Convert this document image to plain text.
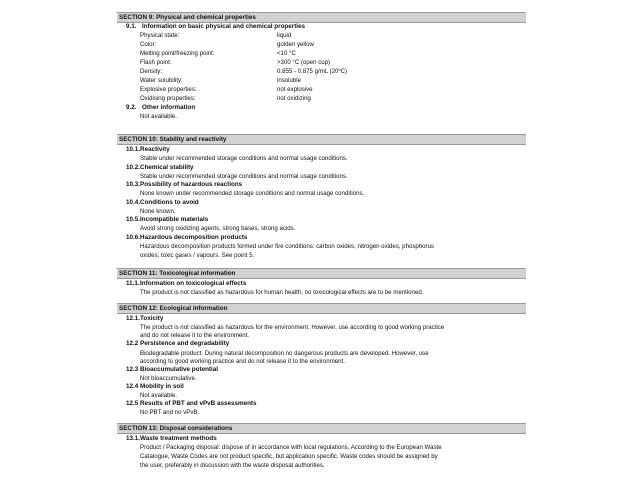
SECTION 9: Physical and chemical properties
9.1. Information on basic physical and chemical properties
Physical state:	liquid
Color:	golden yellow
Melting point/freezing point:	<10 °C
Flash point:	>300 °C (open cup)
Density:	0.855 - 0.875 g/mL (20ºC)
Water solubility:	insoluble
Explosive properties:	not explosive
Oxidising properties:	not oxidizing
9.2. Other information
Not available.
SECTION 10: Stability and reactivity
10.1.Reactivity
Stable under recommended storage conditions and normal usage conditions.
10.2.Chemical stability
Stable under recommended storage conditions and normal usage conditions.
10.3.Possibility of hazardous reactions
None known under recommended storage conditions and normal usage conditions.
10.4.Conditions to avoid
None known.
10.5.Incompatible materials
Avoid strong oxidizing agents, strong bases, strong acids.
10.6.Hazardous decomposition products
Hazardous decomposition products formed under fire conditions: carbon oxides, nitrogen oxides, phosphorus
oxides, toxic gases / vapours. See point 5.
SECTION 11: Toxicological information
11.1.Information on toxicological effects
The product is not classified as hazardous for human health, no toxicological effects are to be mentioned.
SECTION 12: Ecological information
12.1.Toxicity
The product is not classified as hazardous for the environment. However, use according to good working practice
and do not release it to the environment.
12.2 Persistence and degradability
Biodegradable product. During natural decomposition no dangerous products are developed. However, use
according to good working practice and do not release it to the environment.
12.3 Bioaccumulative potential
Not bioaccumulative.
12.4 Mobility in soil
Not available.
12.5 Results of PBT and vPvB assessments
No PBT and no vPvB.
SECTION 13: Disposal considerations
13.1.Waste treatment methods
Product / Packaging disposal: dispose of in accordance with local regulations. According to the European Waste
Catalogue, Waste Codes are not product specific, but application specific. Waste codes should be assigned by
the user, preferably in discussion with the waste disposal authorities.
